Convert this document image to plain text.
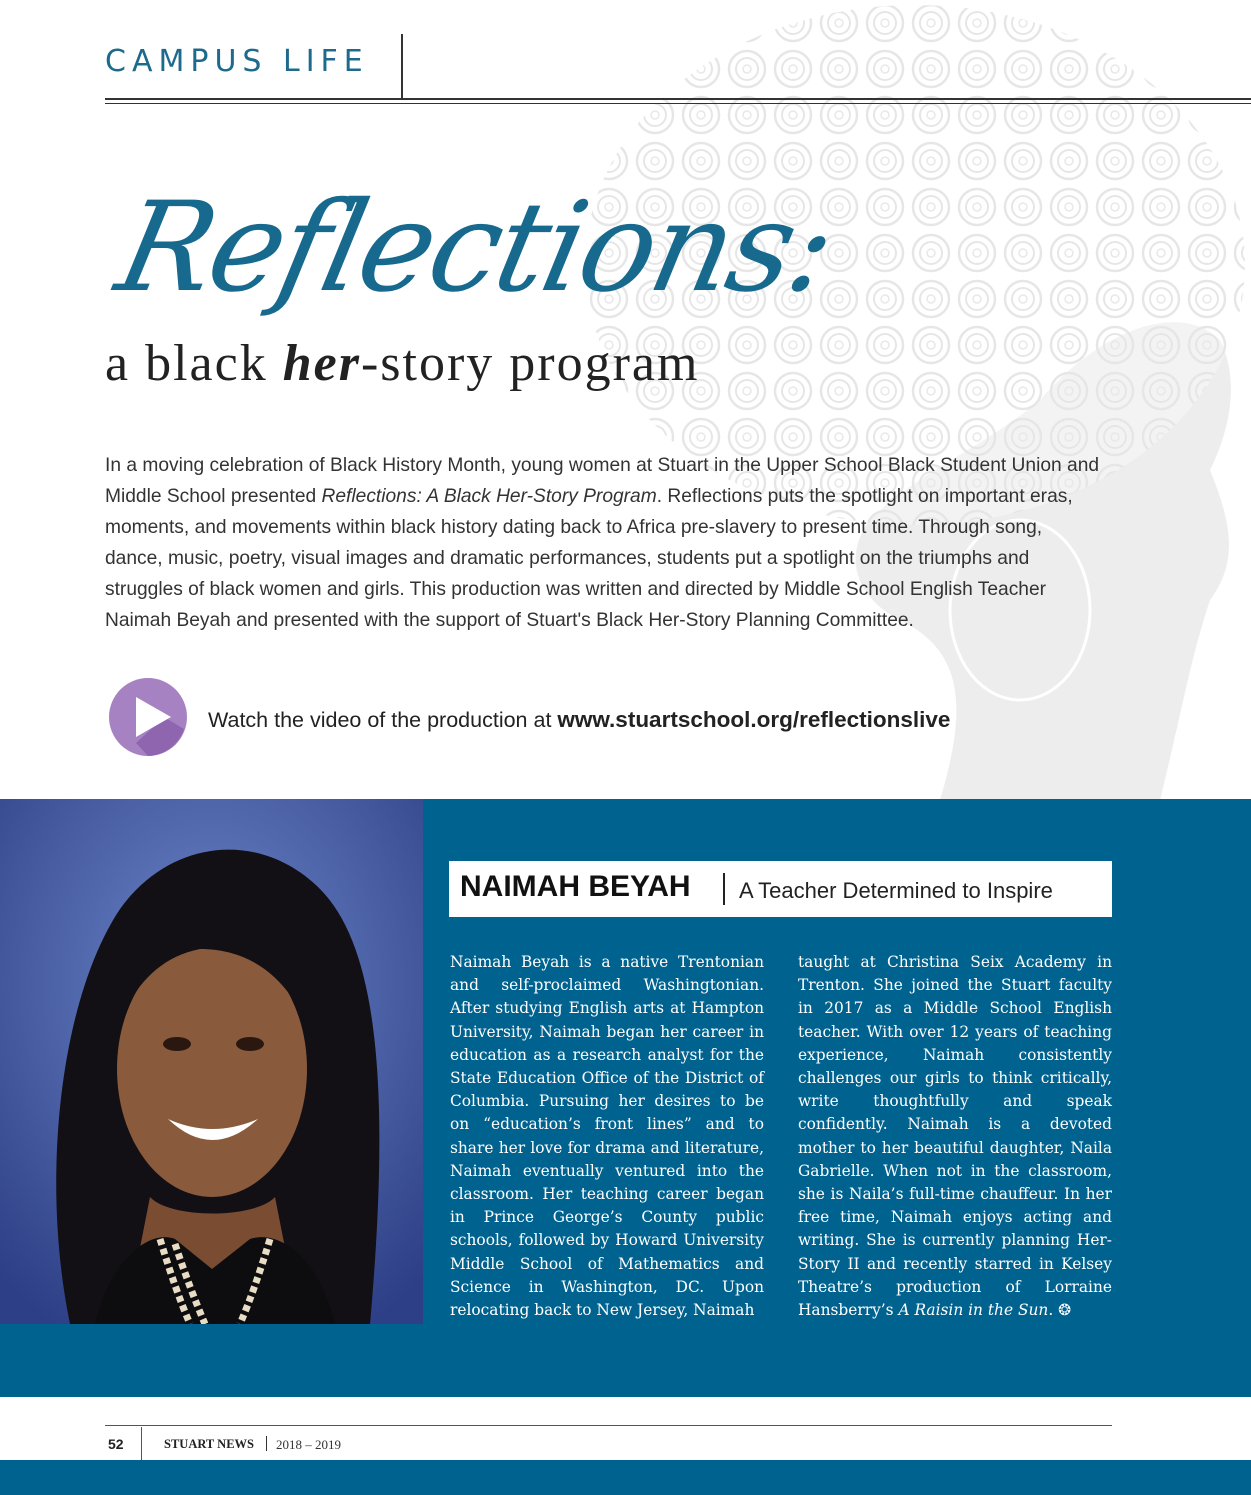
CAMPUS LIFE
Reflections:
a black her-story program
In a moving celebration of Black History Month, young women at Stuart in the Upper School Black Student Union and Middle School presented Reflections: A Black Her-Story Program. Reflections puts the spotlight on important eras, moments, and movements within black history dating back to Africa pre-slavery to present time. Through song, dance, music, poetry, visual images and dramatic performances, students put a spotlight on the triumphs and struggles of black women and girls. This production was written and directed by Middle School English Teacher Naimah Beyah and presented with the support of Stuart's Black Her-Story Planning Committee.
Watch the video of the production at www.stuartschool.org/reflectionslive
NAIMAH BEYAH A Teacher Determined to Inspire
Naimah Beyah is a native Trentonian and self-proclaimed Washingtonian. After studying English arts at Hampton University, Naimah began her career in education as a research analyst for the State Education Office of the District of Columbia. Pursuing her desires to be on “education’s front lines” and to share her love for drama and literature, Naimah eventually ventured into the classroom. Her teaching career began in Prince George’s County public schools, followed by Howard University Middle School of Mathematics and Science in Washington, DC. Upon relocating back to New Jersey, Naimah
taught at Christina Seix Academy in Trenton. She joined the Stuart faculty in 2017 as a Middle School English teacher. With over 12 years of teaching experience, Naimah consistently challenges our girls to think critically, write thoughtfully and speak confidently. Naimah is a devoted mother to her beautiful daughter, Naila Gabrielle. When not in the classroom, she is Naila’s full-time chauffeur. In her free time, Naimah enjoys acting and writing. She is currently planning Her-Story II and recently starred in Kelsey Theatre’s production of Lorraine Hansberry’s A Raisin in the Sun. ❂
52	STUART NEWS 2018 – 2019
